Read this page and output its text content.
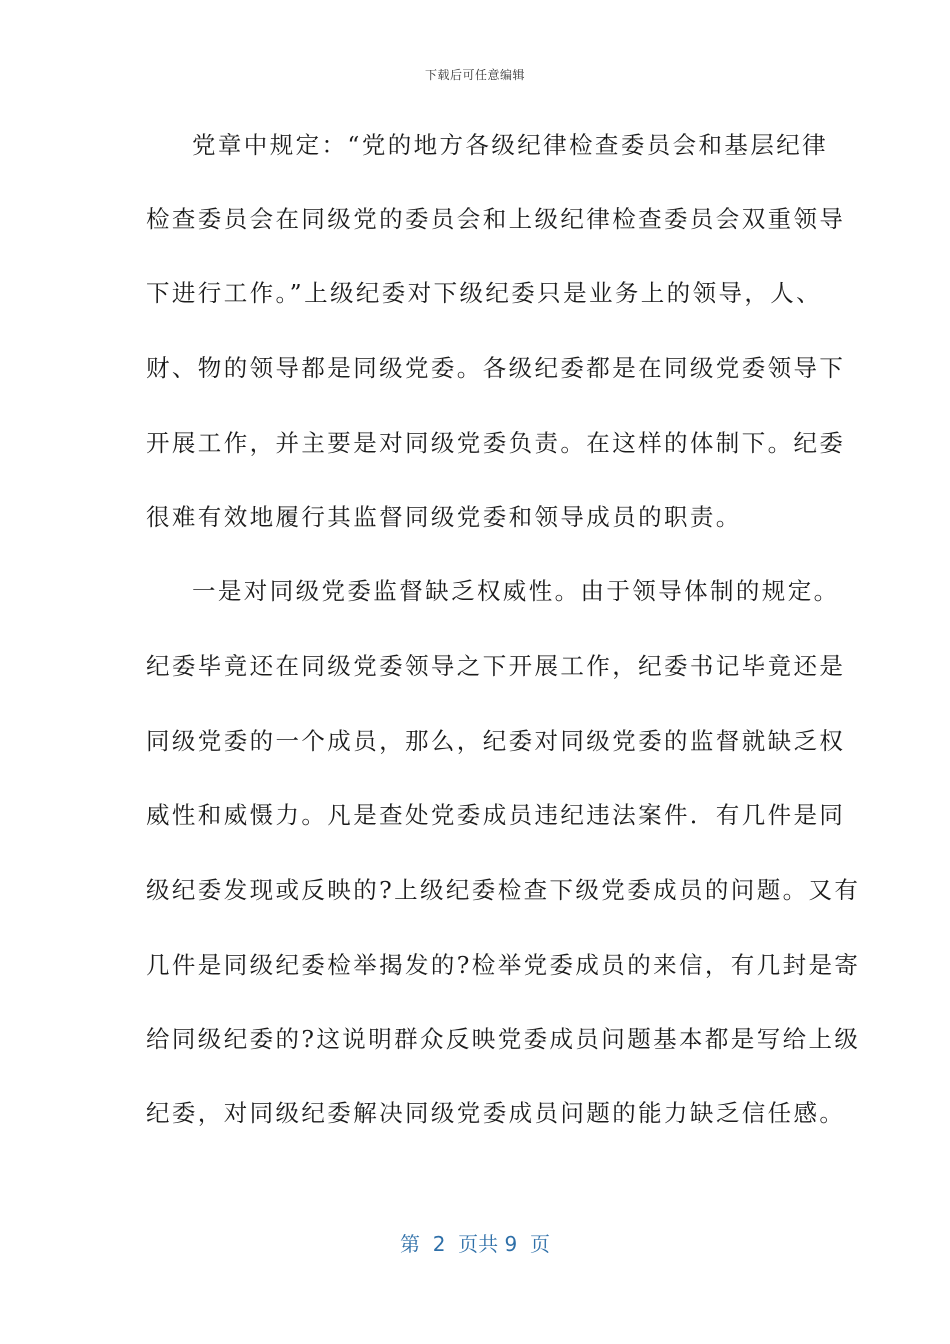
下载后可任意编辑
党章中规定：“党的地方各级纪律检查委员会和基层纪律
检查委员会在同级党的委员会和上级纪律检查委员会双重领导
下进行工作。”上级纪委对下级纪委只是业务上的领导，人、
财、物的领导都是同级党委。各级纪委都是在同级党委领导下
开展工作，并主要是对同级党委负责。在这样的体制下。纪委
很难有效地履行其监督同级党委和领导成员的职责。
一是对同级党委监督缺乏权威性。由于领导体制的规定。
纪委毕竟还在同级党委领导之下开展工作，纪委书记毕竟还是
同级党委的一个成员，那么，纪委对同级党委的监督就缺乏权
威性和威慑力。凡是查处党委成员违纪违法案件．有几件是同
级纪委发现或反映的?上级纪委检查下级党委成员的问题。又有
几件是同级纪委检举揭发的?检举党委成员的来信，有几封是寄
给同级纪委的?这说明群众反映党委成员问题基本都是写给上级
纪委，对同级纪委解决同级党委成员问题的能力缺乏信任感。
第  2  页共 9  页
